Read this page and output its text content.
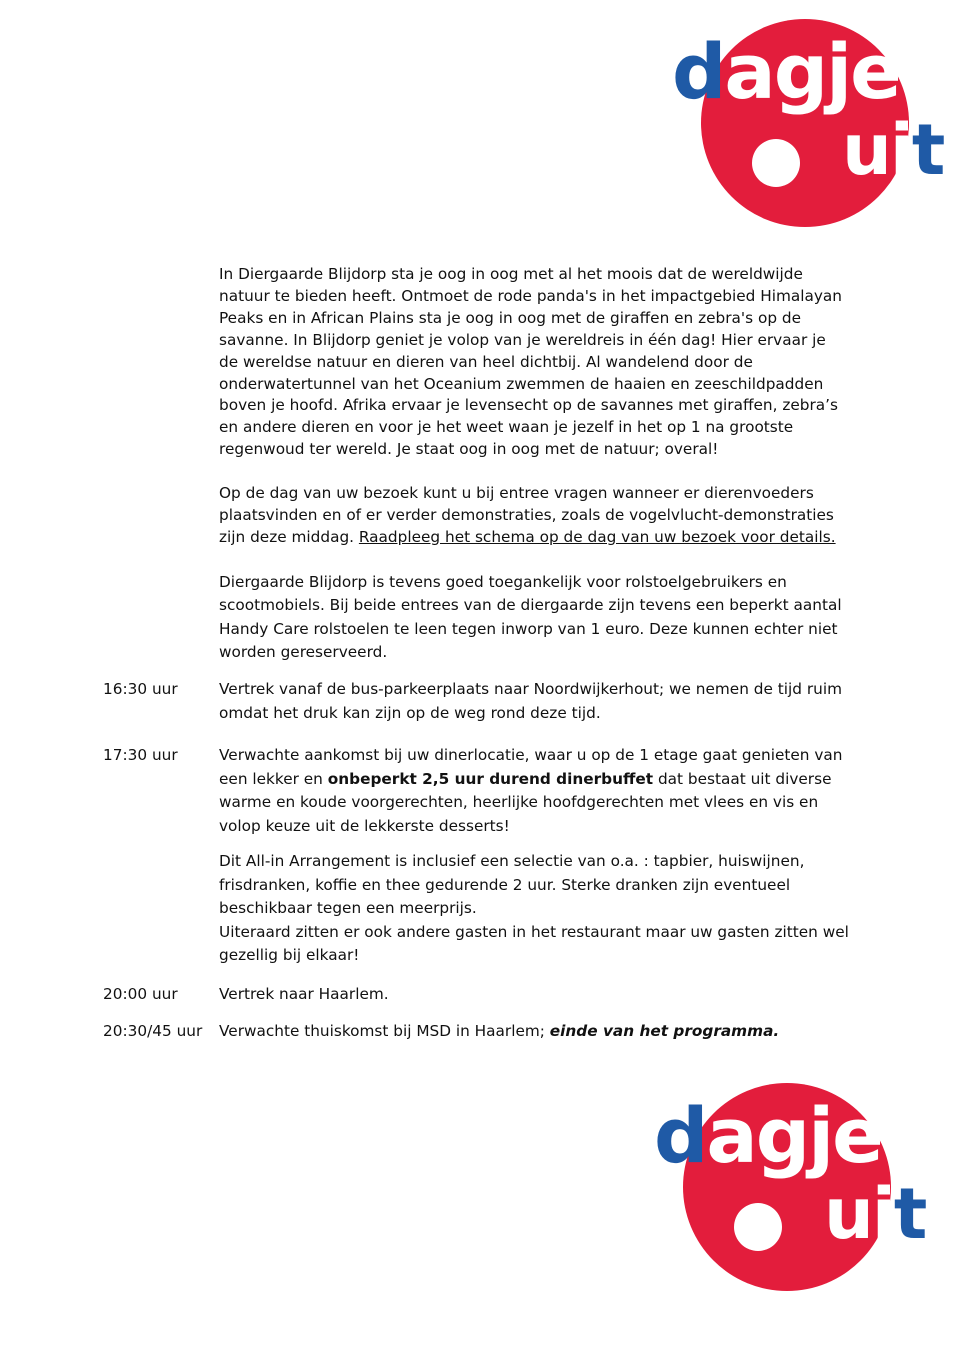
dagje
uit

In Diergaarde Blijdorp sta je oog in oog met al het moois dat de wereldwijde natuur te bieden heeft. Ontmoet de rode panda's in het impactgebied Himalayan Peaks en in African Plains sta je oog in oog met de giraffen en zebra's op de savanne. In Blijdorp geniet je volop van je wereldreis in één dag! Hier ervaar je de wereldse natuur en dieren van heel dichtbij. Al wandelend door de onderwatertunnel van het Oceanium zwemmen de haaien en zeeschildpadden boven je hoofd. Afrika ervaar je levensecht op de savannes met giraffen, zebra’s en andere dieren en voor je het weet waan je jezelf in het op 1 na grootste regenwoud ter wereld. Je staat oog in oog met de natuur; overal!

Op de dag van uw bezoek kunt u bij entree vragen wanneer er dierenvoeders plaatsvinden en of er verder demonstraties, zoals de vogelvlucht-demonstraties zijn deze middag. Raadpleeg het schema op de dag van uw bezoek voor details.

Diergaarde Blijdorp is tevens goed toegankelijk voor rolstoelgebruikers en scootmobiels. Bij beide entrees van de diergaarde zijn tevens een beperkt aantal Handy Care rolstoelen te leen tegen inworp van 1 euro. Deze kunnen echter niet worden gereserveerd.

16:30 uur	Vertrek vanaf de bus-parkeerplaats naar Noordwijkerhout; we nemen de tijd ruim omdat het druk kan zijn op de weg rond deze tijd.
17:30 uur	Verwachte aankomst bij uw dinerlocatie, waar u op de 1 etage gaat genieten van een lekker en onbeperkt 2,5 uur durend dinerbuffet dat bestaat uit diverse warme en koude voorgerechten, heerlijke hoofdgerechten met vlees en vis en volop keuze uit de lekkerste desserts!
Dit All-in Arrangement is inclusief een selectie van o.a. : tapbier, huiswijnen, frisdranken, koffie en thee gedurende 2 uur. Sterke dranken zijn eventueel beschikbaar tegen een meerprijs.
Uiteraard zitten er ook andere gasten in het restaurant maar uw gasten zitten wel gezellig bij elkaar!
20:00 uur	Vertrek naar Haarlem.
20:30/45 uur	Verwachte thuiskomst bij MSD in Haarlem; einde van het programma.
dagje
uit
